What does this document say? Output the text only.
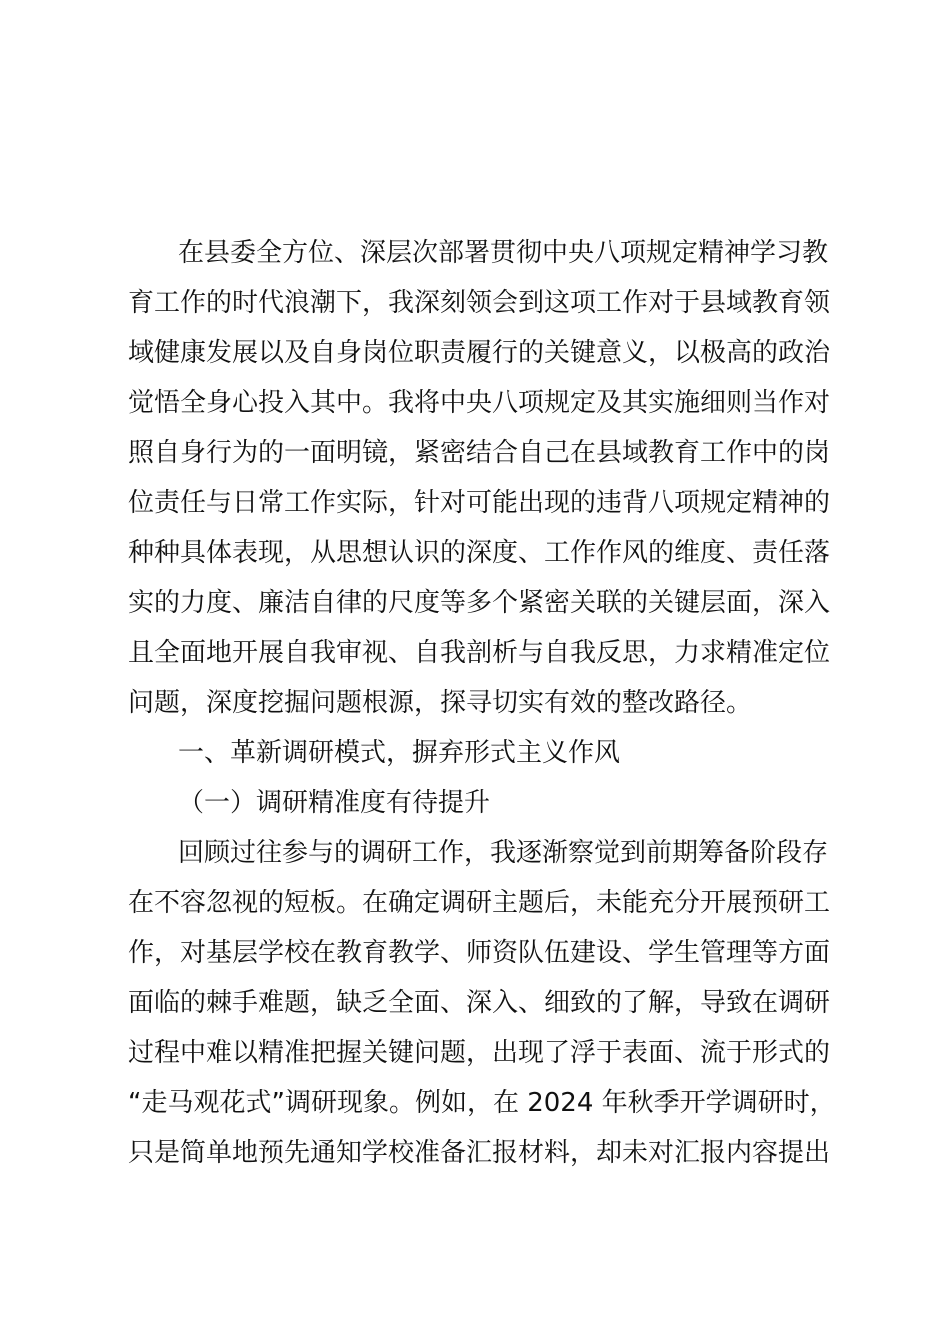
在县委全方位、深层次部署贯彻中央八项规定精神学习教
育工作的时代浪潮下，我深刻领会到这项工作对于县域教育领
域健康发展以及自身岗位职责履行的关键意义，以极高的政治
觉悟全身心投入其中。我将中央八项规定及其实施细则当作对
照自身行为的一面明镜，紧密结合自己在县域教育工作中的岗
位责任与日常工作实际，针对可能出现的违背八项规定精神的
种种具体表现，从思想认识的深度、工作作风的维度、责任落
实的力度、廉洁自律的尺度等多个紧密关联的关键层面，深入
且全面地开展自我审视、自我剖析与自我反思，力求精准定位
问题，深度挖掘问题根源，探寻切实有效的整改路径。
一、革新调研模式，摒弃形式主义作风
（一）调研精准度有待提升
回顾过往参与的调研工作，我逐渐察觉到前期筹备阶段存
在不容忽视的短板。在确定调研主题后，未能充分开展预研工
作，对基层学校在教育教学、师资队伍建设、学生管理等方面
面临的棘手难题，缺乏全面、深入、细致的了解，导致在调研
过程中难以精准把握关键问题，出现了浮于表面、流于形式的
“走马观花式”调研现象。例如，在 2024 年秋季开学调研时，
只是简单地预先通知学校准备汇报材料，却未对汇报内容提出
